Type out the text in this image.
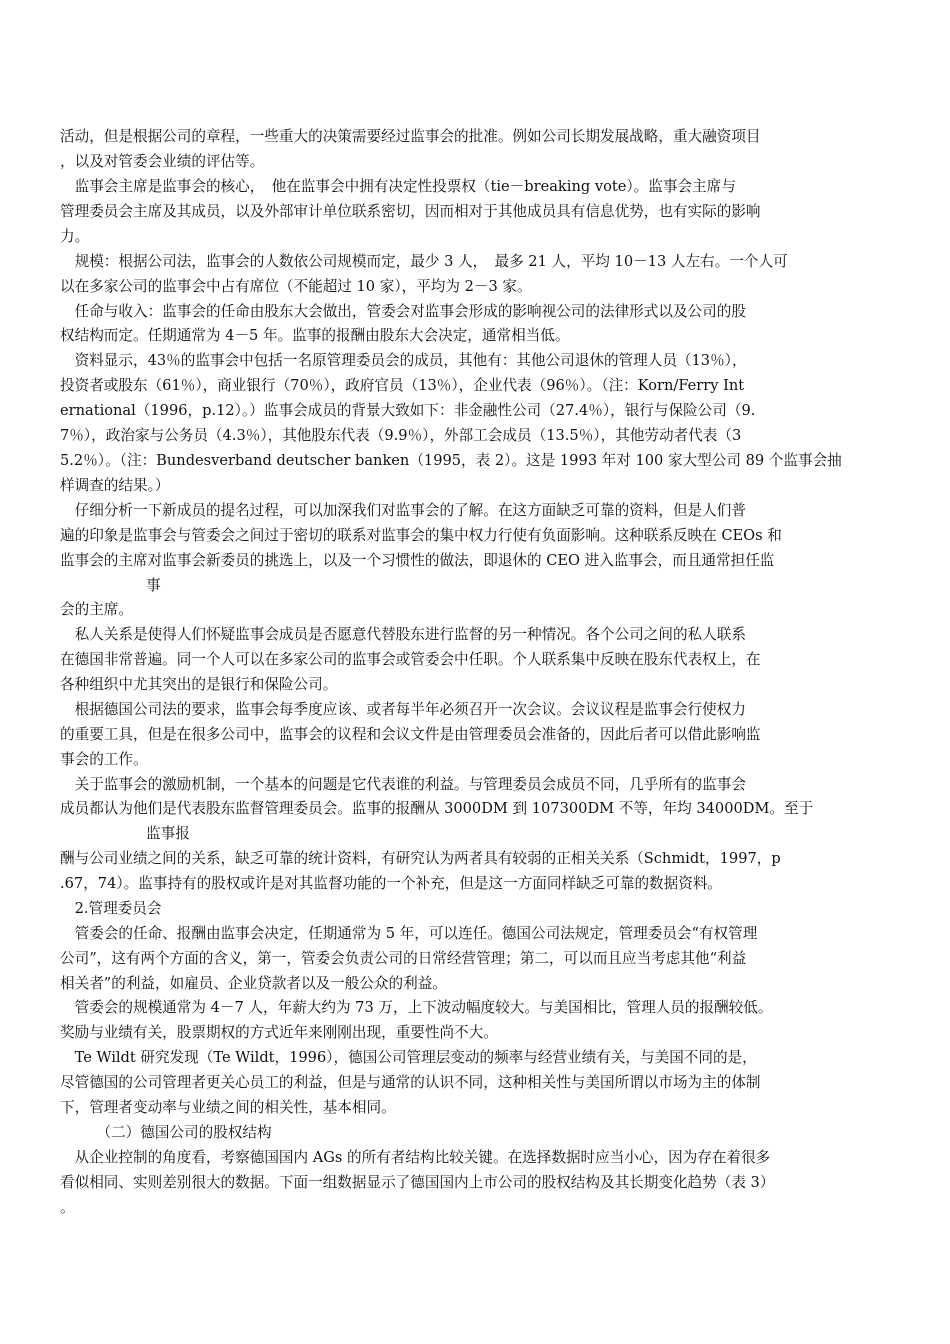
活动，但是根据公司的章程，一些重大的决策需要经过监事会的批准。例如公司长期发展战略，重大融资项目
，以及对管委会业绩的评估等。
　监事会主席是监事会的核心，　他在监事会中拥有决定性投票权（tie－breaking vote）。监事会主席与
管理委员会主席及其成员，以及外部审计单位联系密切，因而相对于其他成员具有信息优势，也有实际的影响
力。
　规模：根据公司法，监事会的人数依公司规模而定，最少 3 人，　最多 21 人，平均 10－13 人左右。一个人可
以在多家公司的监事会中占有席位（不能超过 10 家），平均为 2－3 家。
　任命与收入：监事会的任命由股东大会做出，管委会对监事会形成的影响视公司的法律形式以及公司的股
权结构而定。任期通常为 4－5 年。监事的报酬由股东大会决定，通常相当低。
　资料显示，43％的监事会中包括一名原管理委员会的成员，其他有：其他公司退休的管理人员（13％），
投资者或股东（61％），商业银行（70％），政府官员（13％），企业代表（96％）。（注：Korn/Ferry Int
ernational（1996，p.12）。）监事会成员的背景大致如下：非金融性公司（27.4％），银行与保险公司（9.
7％），政治家与公务员（4.3％），其他股东代表（9.9％），外部工会成员（13.5％），其他劳动者代表（3
5.2％）。（注：Bundesverband deutscher banken（1995，表 2）。这是 1993 年对 100 家大型公司 89 个监事会抽
样调查的结果。）
　仔细分析一下新成员的提名过程，可以加深我们对监事会的了解。在这方面缺乏可靠的资料，但是人们普
遍的印象是监事会与管委会之间过于密切的联系对监事会的集中权力行使有负面影响。这种联系反映在 CEOs 和
监事会的主席对监事会新委员的挑选上，以及一个习惯性的做法，即退休的 CEO 进入监事会，而且通常担任监
事
会的主席。
　私人关系是使得人们怀疑监事会成员是否愿意代替股东进行监督的另一种情况。各个公司之间的私人联系
在德国非常普遍。同一个人可以在多家公司的监事会或管委会中任职。个人联系集中反映在股东代表权上，在
各种组织中尤其突出的是银行和保险公司。
　根据德国公司法的要求，监事会每季度应该、或者每半年必须召开一次会议。会议议程是监事会行使权力
的重要工具，但是在很多公司中，监事会的议程和会议文件是由管理委员会准备的，因此后者可以借此影响监
事会的工作。
　关于监事会的激励机制，一个基本的问题是它代表谁的利益。与管理委员会成员不同，几乎所有的监事会
成员都认为他们是代表股东监督管理委员会。监事的报酬从 3000DM 到 107300DM 不等，年均 34000DM。至于
监事报
酬与公司业绩之间的关系，缺乏可靠的统计资料，有研究认为两者具有较弱的正相关关系（Schmidt，1997，p
.67，74）。监事持有的股权或许是对其监督功能的一个补充，但是这一方面同样缺乏可靠的数据资料。
　2.管理委员会
　管委会的任命、报酬由监事会决定，任期通常为 5 年，可以连任。德国公司法规定，管理委员会“有权管理
公司”，这有两个方面的含义，第一，管委会负责公司的日常经营管理；第二，可以而且应当考虑其他“利益
相关者”的利益，如雇员、企业贷款者以及一般公众的利益。
　管委会的规模通常为 4－7 人，年薪大约为 73 万，上下波动幅度较大。与美国相比，管理人员的报酬较低。
奖励与业绩有关，股票期权的方式近年来刚刚出现，重要性尚不大。
　Te Wildt 研究发现（Te Wildt，1996），德国公司管理层变动的频率与经营业绩有关，与美国不同的是，
尽管德国的公司管理者更关心员工的利益，但是与通常的认识不同，这种相关性与美国所谓以市场为主的体制
下，管理者变动率与业绩之间的相关性，基本相同。
　　　（二）德国公司的股权结构
　从企业控制的角度看，考察德国国内 AGs 的所有者结构比较关键。在选择数据时应当小心，因为存在着很多
看似相同、实则差别很大的数据。下面一组数据显示了德国国内上市公司的股权结构及其长期变化趋势（表 3）
。
